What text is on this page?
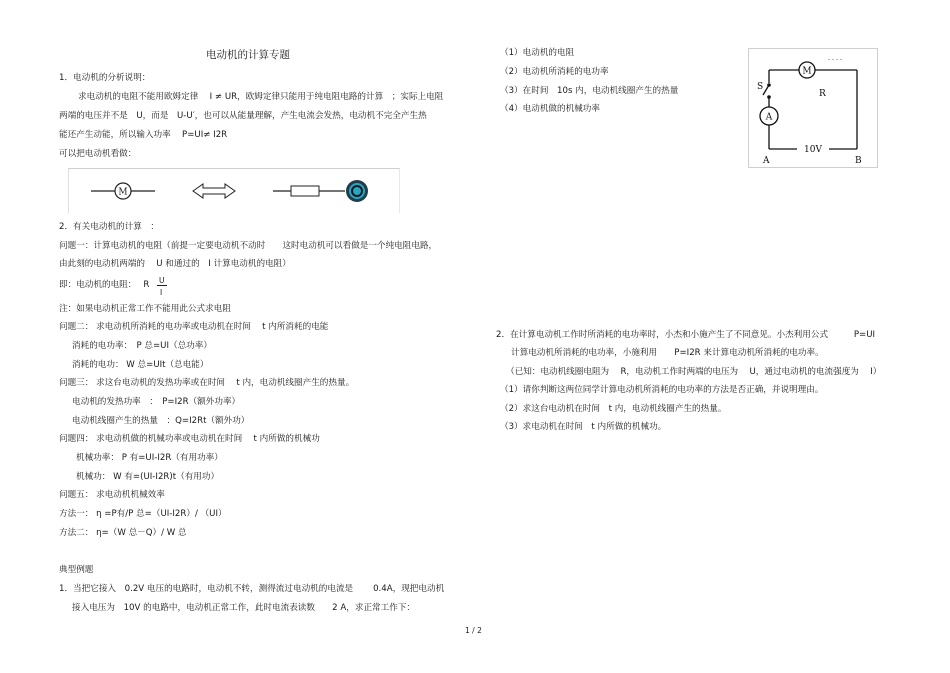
电动机的计算专题
1．电动机的分析说明：
求电动机的电阻不能用欧姆定律　 I ≠ UR，欧姆定律只能用于纯电阻电路的计算　；实际上电阻
两端的电压并不是　U，而是　U-U′，也可以从能量理解，产生电流会发热，电动机不完全产生热
能还产生动能，所以输入功率　 P=UI≠ I2R
可以把电动机看做：
M
2．有关电动机的计算　：
问题一：计算电动机的电阻（前提一定要电动机不动时　　这时电动机可以看做是一个纯电阻电路，
由此刻的电动机两端的　 U 和通过的　I 计算电动机的电阻）
即：电动机的电阻：　 R U
I
注：如果电动机正常工作不能用此公式求电阻
问题二： 求电动机所消耗的电功率或电动机在时间　 t 内所消耗的电能
消耗的电功率：　P 总=UI（总功率）
消耗的电功： W 总=UIt（总电能）
问题三： 求这台电动机的发热功率或在时间　 t 内，电动机线圈产生的热量。
电动机的发热功率　：　P=I2R（额外功率）
电动机线圈产生的热量　：Q=I2Rt（额外功）
问题四： 求电动机做的机械功率或电动机在时间　 t 内所做的机械功
机械功率： P 有=UI-I2R（有用功率）
机械功： W 有=(UI-I2R)t（有用功）
问题五： 求电动机机械效率
方法一： η =P有/P 总=（UI-I2R）/ （UI）
方法二： η=（W 总－Q）/ W 总
典型例题
1．当把它接入　0.2V 电压的电路时，电动机不转，测得流过电动机的电流是　　 0.4A，现把电动机
接入电压为　10V 的电路中，电动机正常工作，此时电流表读数　　2 A，求正常工作下：
（1）电动机的电阻
（2）电动机所消耗的电功率
（3）在时间　10s 内，电动机线圈产生的热量
（4）电动机做的机械功率
M
- - - -
S
A
R
10V
A	B
2．在计算电动机工作时所消耗的电功率时，小杰和小施产生了不同意见。小杰利用公式　　　P=UI
计算电动机所消耗的电功率，小施利用　　P=I2R 来计算电动机所消耗的电功率。
（已知：电动机线圈电阻为　 R，电动机工作时两端的电压为　 U，通过电动机的电流强度为　 I）
（1）请你判断这两位同学计算电动机所消耗的电功率的方法是否正确，并说明理由。
（2）求这台电动机在时间　t 内，电动机线圈产生的热量。
（3）求电动机在时间　t 内所做的机械功。
1 / 2
